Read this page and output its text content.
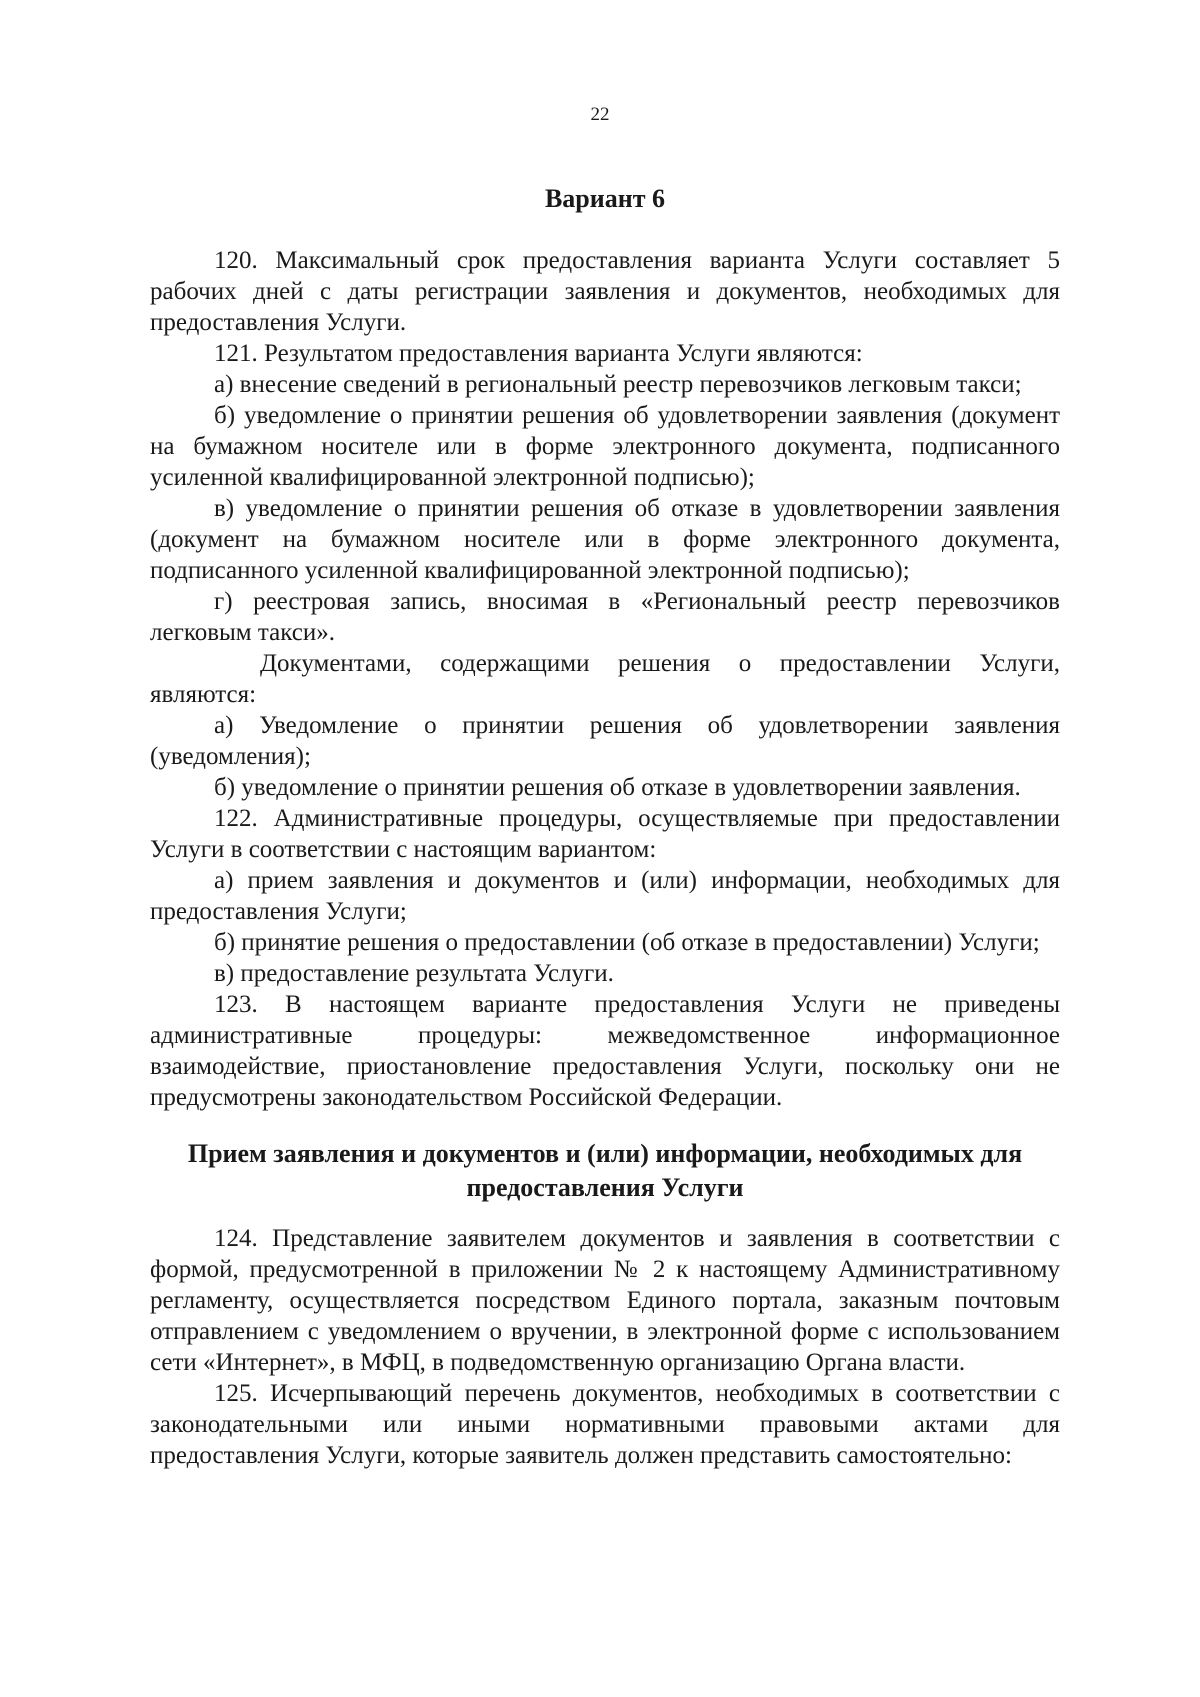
22
Вариант 6

120. Максимальный срок предоставления варианта Услуги составляет 5 рабочих дней с даты регистрации заявления и документов, необходимых для предоставления Услуги.

121. Результатом предоставления варианта Услуги являются:

а) внесение сведений в региональный реестр перевозчиков легковым такси;

б) уведомление о принятии решения об удовлетворении заявления (документ на бумажном носителе или в форме электронного документа, подписанного усиленной квалифицированной электронной подписью);

в) уведомление о принятии решения об отказе в удовлетворении заявления (документ на бумажном носителе или в форме электронного документа, подписанного усиленной квалифицированной электронной подписью);

г) реестровая запись, вносимая в «Региональный реестр перевозчиков легковым такси».

Документами, содержащими решения о предоставлении Услуги, являются:

а) Уведомление о принятии решения об удовлетворении заявления (уведомления);

б) уведомление о принятии решения об отказе в удовлетворении заявления.

122. Административные процедуры, осуществляемые при предоставлении Услуги в соответствии с настоящим вариантом:

а) прием заявления и документов и (или) информации, необходимых для предоставления Услуги;

б) принятие решения о предоставлении (об отказе в предоставлении) Услуги;

в) предоставление результата Услуги.

123. В настоящем варианте предоставления Услуги не приведены административные процедуры: межведомственное информационное взаимодействие, приостановление предоставления Услуги, поскольку они не предусмотрены законодательством Российской Федерации.

Прием заявления и документов и (или) информации, необходимых для
предоставления Услуги

124. Представление заявителем документов и заявления в соответствии с формой, предусмотренной в приложении № 2 к настоящему Административному регламенту, осуществляется посредством Единого портала, заказным почтовым отправлением с уведомлением о вручении, в электронной форме с использованием сети «Интернет», в МФЦ, в подведомственную организацию Органа власти.

125. Исчерпывающий перечень документов, необходимых в соответствии с законодательными или иными нормативными правовыми актами для предоставления Услуги, которые заявитель должен представить самостоятельно:
